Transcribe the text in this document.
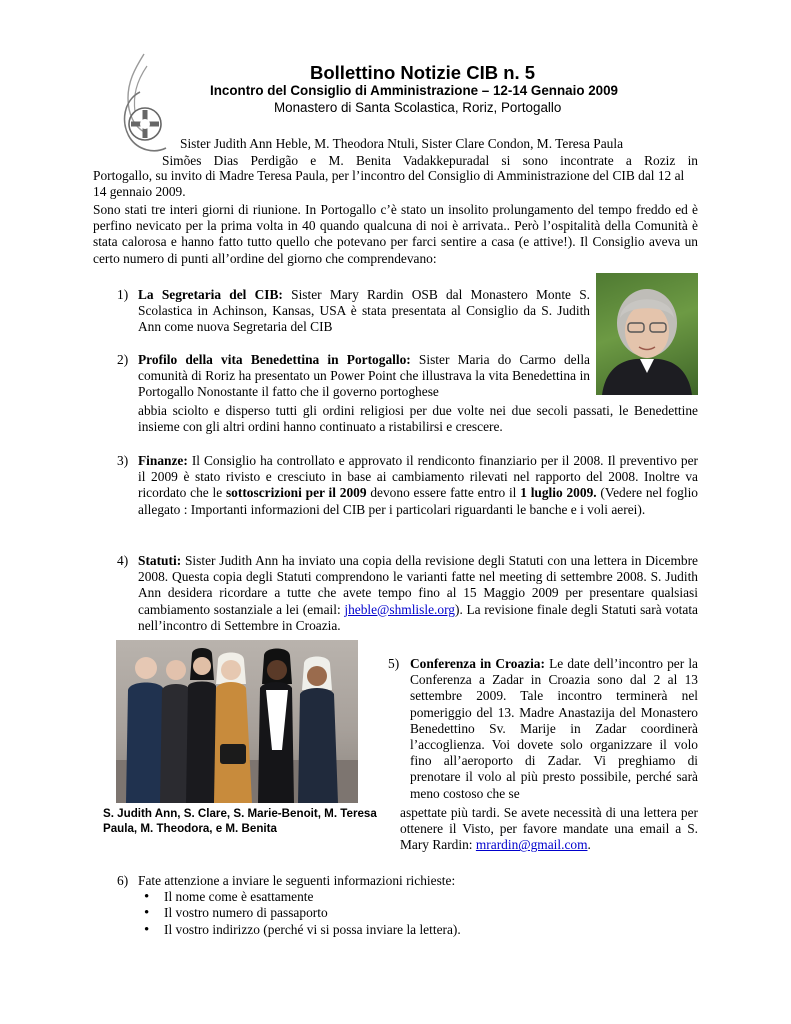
Bollettino Notizie CIB n. 5
Incontro del Consiglio di Amministrazione – 12-14 Gennaio 2009
Monastero di Santa Scolastica, Roriz, Portogallo
Sister Judith Ann Heble, M. Theodora Ntuli, Sister Clare Condon, M. Teresa Paula
Simões Dias Perdigão e M. Benita Vadakkepuradal si sono incontrate a Roziz in
Portogallo, su invito di Madre Teresa Paula, per l’incontro del Consiglio di Amministrazione del CIB dal 12 al 14 gennaio 2009.
Sono stati tre interi giorni di riunione. In Portogallo c’è stato un insolito prolungamento del tempo freddo ed è perfino nevicato per la prima volta in 40 quando qualcuna di noi è arrivata.. Però l’ospitalità della Comunità è stata calorosa e hanno fatto tutto quello che potevano per farci sentire a casa (e attive!). Il Consiglio aveva un certo numero di punti all’ordine del giorno che comprendevano:
1) La Segretaria del CIB: Sister Mary Rardin OSB dal Monastero Monte S. Scolastica in Achinson, Kansas, USA è stata presentata al Consiglio da S. Judith Ann come nuova Segretaria del CIB
2) Profilo della vita Benedettina in Portogallo: Sister Maria do Carmo della comunità di Roriz ha presentato un Power Point che illustrava la vita Benedettina in Portogallo Nonostante il fatto che il governo portoghese
abbia sciolto e disperso tutti gli ordini religiosi per due volte nei due secoli passati, le Benedettine insieme con gli altri ordini hanno continuato a ristabilirsi e crescere.
3) Finanze: Il Consiglio ha controllato e approvato il rendiconto finanziario per il 2008. Il preventivo per il 2009 è stato rivisto e cresciuto in base ai cambiamento rilevati nel rapporto del 2008. Inoltre va ricordato che le sottoscrizioni per il 2009 devono essere fatte entro il 1 luglio 2009. (Vedere nel foglio allegato : Importanti informazioni del CIB per i particolari riguardanti le banche e i voli aerei).
4) Statuti: Sister Judith Ann ha inviato una copia della revisione degli Statuti con una lettera in Dicembre 2008. Questa copia degli Statuti comprendono le varianti fatte nel meeting di settembre 2008. S. Judith Ann desidera ricordare a tutte che avete tempo fino al 15 Maggio 2009 per presentare qualsiasi cambiamento sostanziale a lei (email: jheble@shmlisle.org). La revisione finale degli Statuti sarà votata nell’incontro di Settembre in Croazia.
S. Judith Ann, S. Clare, S. Marie-Benoit, M. Teresa Paula, M. Theodora, e M. Benita
5) Conferenza in Croazia: Le date dell’incontro per la Conferenza a Zadar in Croazia sono dal 2 al 13 settembre 2009. Tale incontro terminerà nel pomeriggio del 13. Madre Anastazija del Monastero Benedettino Sv. Marije in Zadar coordinerà l’accoglienza. Voi dovete solo organizzare il volo fino all’aeroporto di Zadar. Vi preghiamo di prenotare il volo al più presto possibile, perché sarà meno costoso che se
aspettate più tardi. Se avete necessità di una lettera per ottenere il Visto, per favore mandate una email a S. Mary Rardin: mrardin@gmail.com.
6) Fate attenzione a inviare le seguenti informazioni richieste:
• Il nome come è esattamente
• Il vostro numero di passaporto
• Il vostro indirizzo (perché vi si possa inviare la lettera).
